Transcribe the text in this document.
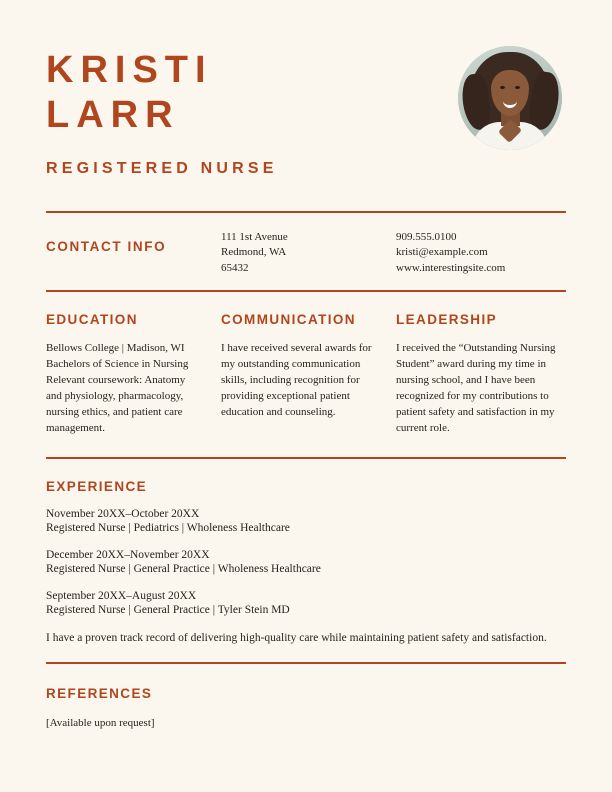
KRISTI
LARR
REGISTERED NURSE
CONTACT INFO
111 1st Avenue
Redmond, WA
65432
909.555.0100
kristi@example.com
www.interestingsite.com
EDUCATION
Bellows College | Madison, WI
Bachelors of Science in Nursing
Relevant coursework: Anatomy and physiology, pharmacology, nursing ethics, and patient care management.
COMMUNICATION
I have received several awards for my outstanding communication skills, including recognition for providing exceptional patient education and counseling.
LEADERSHIP
I received the “Outstanding Nursing Student” award during my time in nursing school, and I have been recognized for my contributions to patient safety and satisfaction in my current role.
EXPERIENCE
November 20XX–October 20XX
Registered Nurse | Pediatrics | Wholeness Healthcare
December 20XX–November 20XX
Registered Nurse | General Practice | Wholeness Healthcare
September 20XX–August 20XX
Registered Nurse | General Practice | Tyler Stein MD
I have a proven track record of delivering high-quality care while maintaining patient safety and satisfaction.
REFERENCES
[Available upon request]
